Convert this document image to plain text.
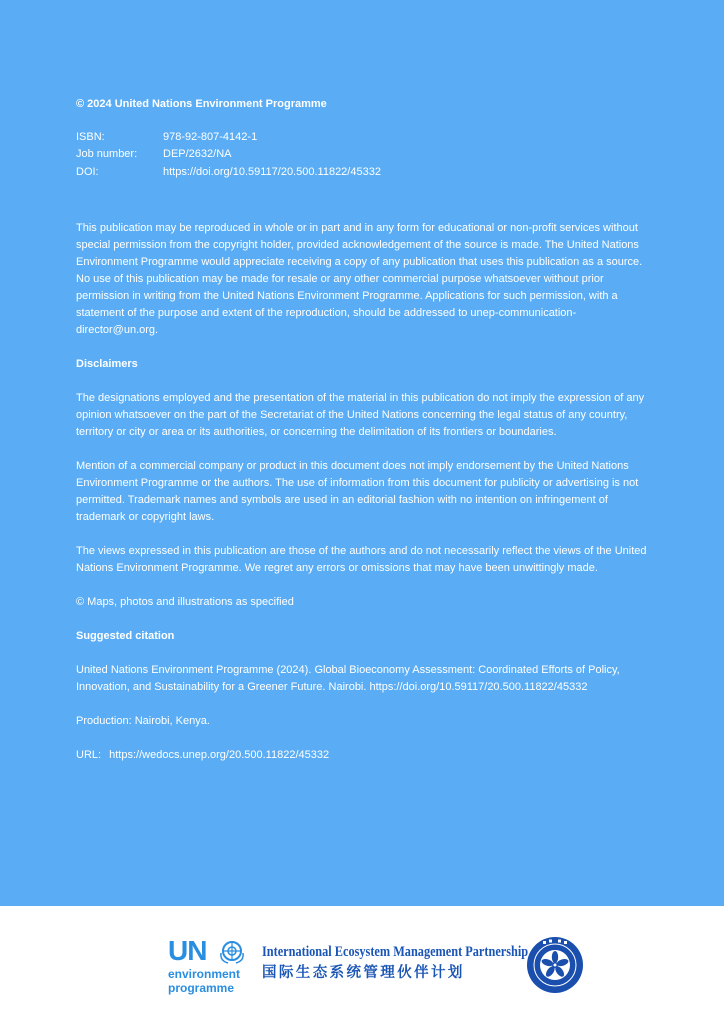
© 2024 United Nations Environment Programme
ISBN:	978-92-807-4142-1
Job number:	DEP/2632/NA
DOI:	https://doi.org/10.59117/20.500.11822/45332

This publication may be reproduced in whole or in part and in any form for educational or non-profit services without special permission from the copyright holder, provided acknowledgement of the source is made. The United Nations Environment Programme would appreciate receiving a copy of any publication that uses this publication as a source. No use of this publication may be made for resale or any other commercial purpose whatsoever without prior permission in writing from the United Nations Environment Programme. Applications for such permission, with a statement of the purpose and extent of the reproduction, should be addressed to unep-communication-director@un.org.

Disclaimers

The designations employed and the presentation of the material in this publication do not imply the expression of any opinion whatsoever on the part of the Secretariat of the United Nations concerning the legal status of any country, territory or city or area or its authorities, or concerning the delimitation of its frontiers or boundaries.

Mention of a commercial company or product in this document does not imply endorsement by the United Nations Environment Programme or the authors. The use of information from this document for publicity or advertising is not permitted. Trademark names and symbols are used in an editorial fashion with no intention on infringement of trademark or copyright laws.

The views expressed in this publication are those of the authors and do not necessarily reflect the views of the United Nations Environment Programme. We regret any errors or omissions that may have been unwittingly made.

© Maps, photos and illustrations as specified

Suggested citation

United Nations Environment Programme (2024). Global Bioeconomy Assessment: Coordinated Efforts of Policy, Innovation, and Sustainability for a Greener Future. Nairobi. https://doi.org/10.59117/20.500.11822/45332

Production: Nairobi, Kenya.

URL: https://wedocs.unep.org/20.500.11822/45332

UN
environment
programme
International Ecosystem Management Partnership
国际生态系统管理伙伴计划
